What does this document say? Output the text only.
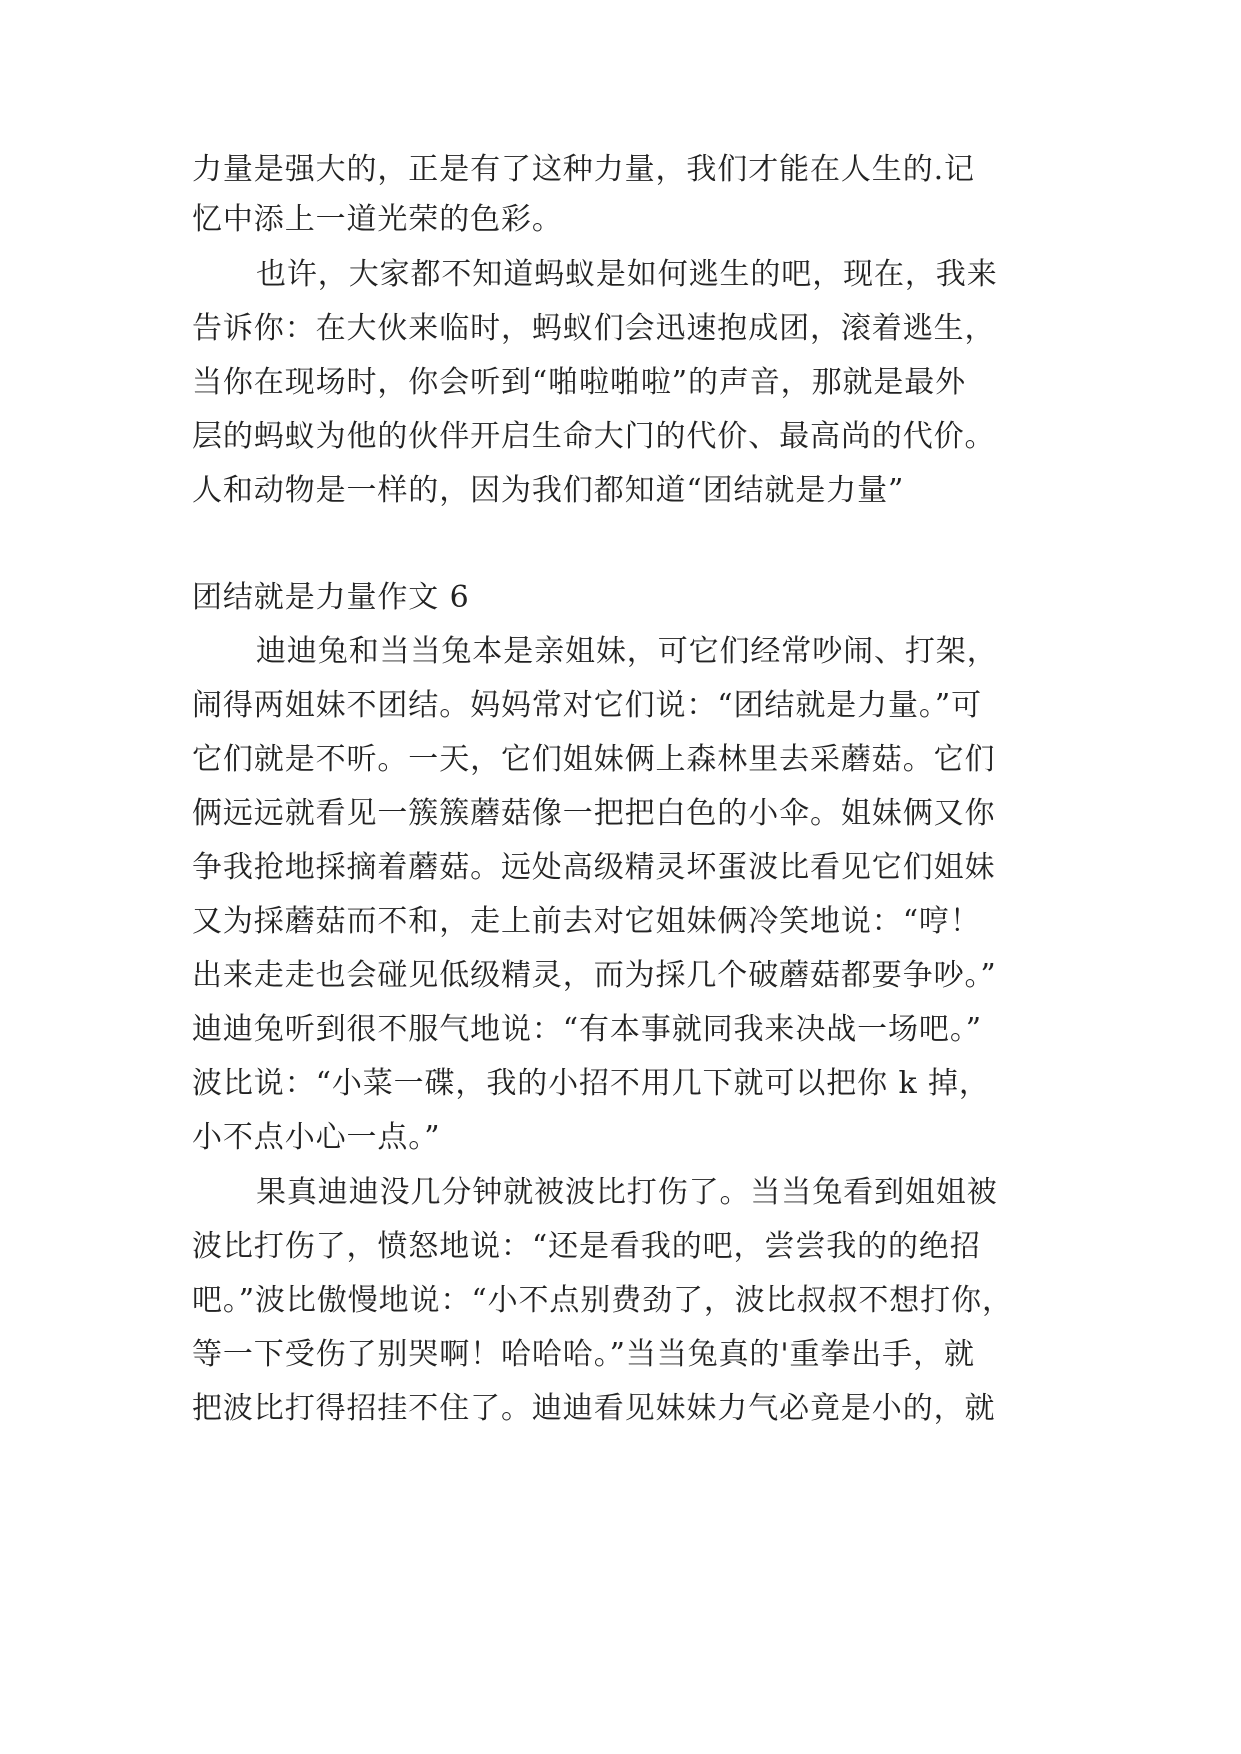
力量是强大的，正是有了这种力量，我们才能在人生的.记
忆中添上一道光荣的色彩。
也许，大家都不知道蚂蚁是如何逃生的吧，现在，我来
告诉你：在大伙来临时，蚂蚁们会迅速抱成团，滚着逃生，
当你在现场时，你会听到“啪啦啪啦”的声音，那就是最外
层的蚂蚁为他的伙伴开启生命大门的代价、最高尚的代价。
人和动物是一样的，因为我们都知道“团结就是力量”
团结就是力量作文 6
迪迪兔和当当兔本是亲姐妹，可它们经常吵闹、打架，
闹得两姐妹不团结。妈妈常对它们说：“团结就是力量。”可
它们就是不听。一天，它们姐妹俩上森林里去采蘑菇。它们
俩远远就看见一簇簇蘑菇像一把把白色的小伞。姐妹俩又你
争我抢地採摘着蘑菇。远处高级精灵坏蛋波比看见它们姐妹
又为採蘑菇而不和，走上前去对它姐妹俩冷笑地说：“哼！
出来走走也会碰见低级精灵，而为採几个破蘑菇都要争吵。”
迪迪兔听到很不服气地说：“有本事就同我来决战一场吧。”
波比说：“小菜一碟，我的小招不用几下就可以把你 k 掉，
小不点小心一点。”
果真迪迪没几分钟就被波比打伤了。当当兔看到姐姐被
波比打伤了，愤怒地说：“还是看我的吧，尝尝我的的绝招
吧。”波比傲慢地说：“小不点别费劲了，波比叔叔不想打你，
等一下受伤了别哭啊！哈哈哈。”当当兔真的'重拳出手，就
把波比打得招挂不住了。迪迪看见妹妹力气必竟是小的，就
